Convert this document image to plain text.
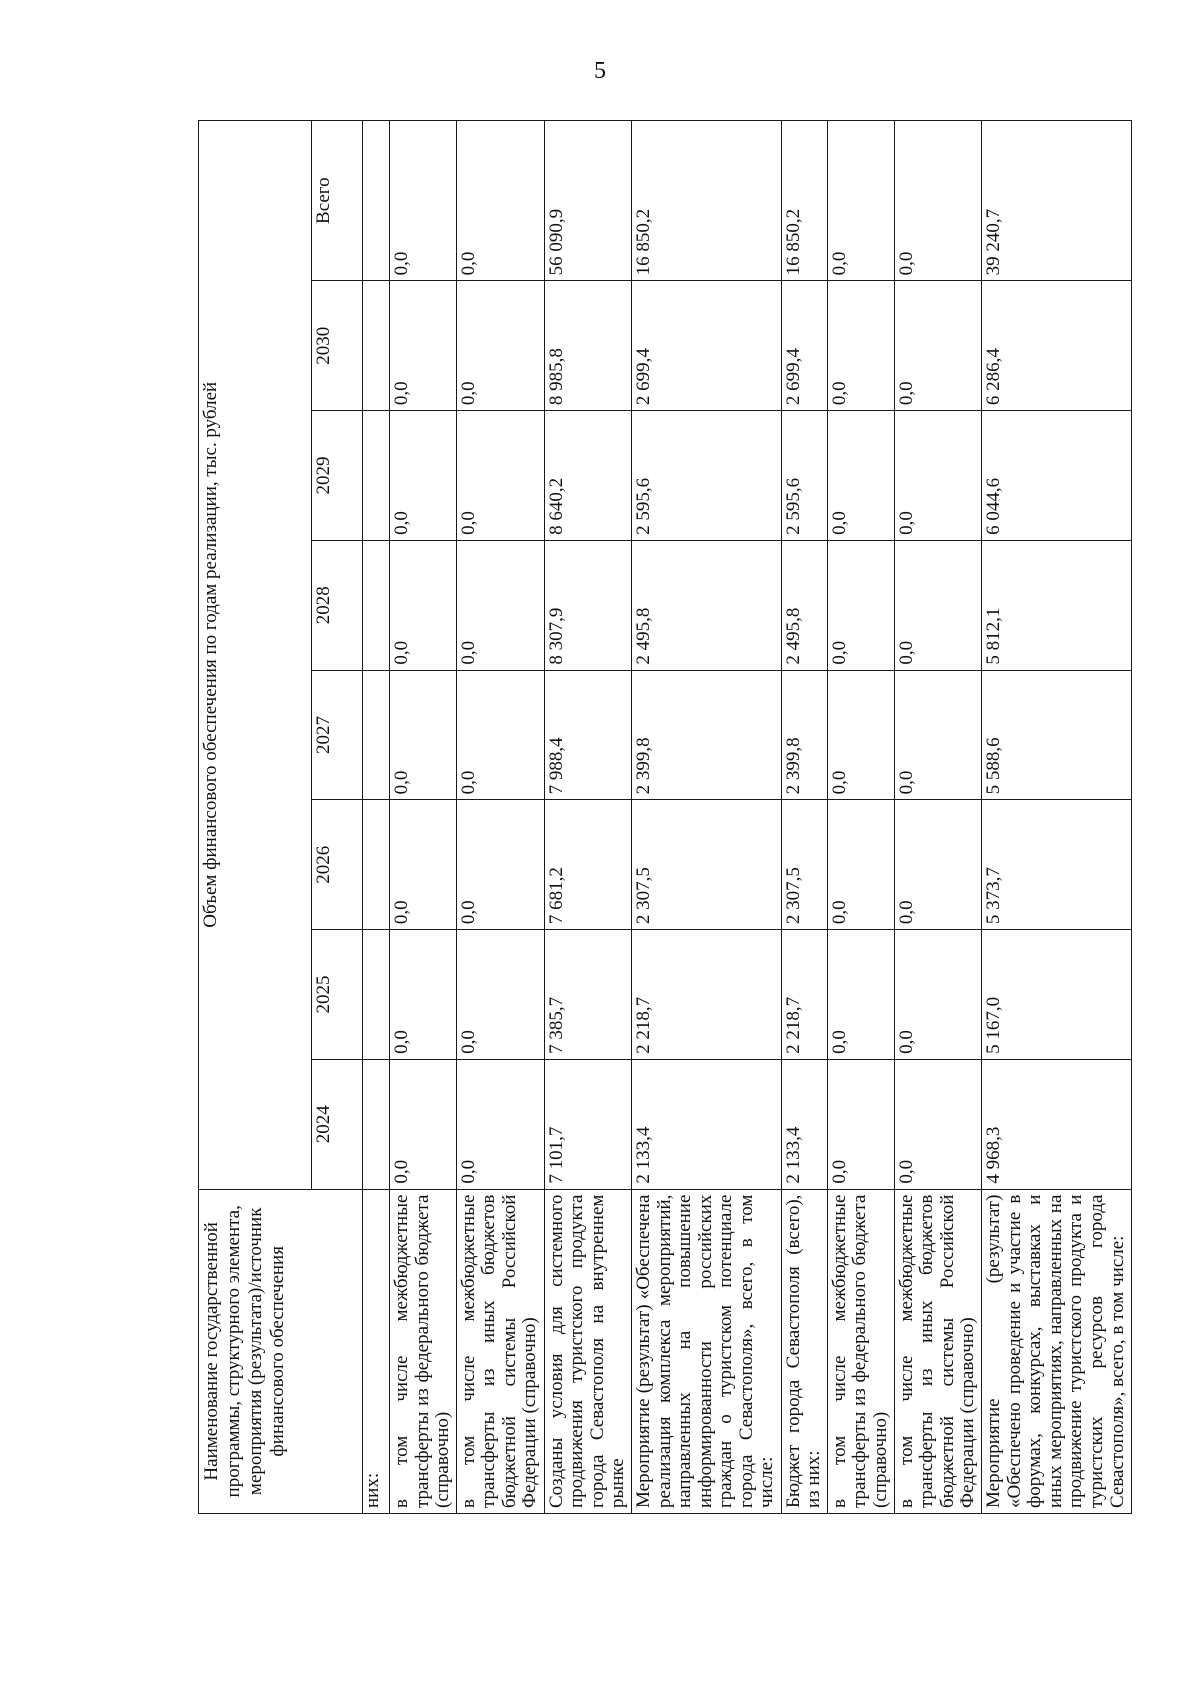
5
Наименование государственной программы, структурного элемента, мероприятия (результата)/источник финансового обеспечения	Объем финансового обеспечения по годам реализации, тыс. рублей							
	2024	2025	2026	2027	2028	2029	2030	Всего
них:								
в том числе межбюджетные трансферты из федерального бюджета (справочно)	0,0	0,0	0,0	0,0	0,0	0,0	0,0	0,0
в том числе межбюджетные трансферты из иных бюджетов бюджетной системы Российской Федерации (справочно)	0,0	0,0	0,0	0,0	0,0	0,0	0,0	0,0
Созданы условия для системного продвижения туристского продукта города Севастополя на внутреннем рынке	7 101,7	7 385,7	7 681,2	7 988,4	8 307,9	8 640,2	8 985,8	56 090,9
Мероприятие (результат) «Обеспечена реализация комплекса мероприятий, направленных на повышение информированности российских граждан о туристском потенциале города Севастополя», всего, в том числе:	2 133,4	2 218,7	2 307,5	2 399,8	2 495,8	2 595,6	2 699,4	16 850,2
Бюджет города Севастополя (всего), из них:	2 133,4	2 218,7	2 307,5	2 399,8	2 495,8	2 595,6	2 699,4	16 850,2
в том числе межбюджетные трансферты из федерального бюджета (справочно)	0,0	0,0	0,0	0,0	0,0	0,0	0,0	0,0
в том числе межбюджетные трансферты из иных бюджетов бюджетной системы Российской Федерации (справочно)	0,0	0,0	0,0	0,0	0,0	0,0	0,0	0,0
Мероприятие (результат) «Обеспечено проведение и участие в форумах, конкурсах, выставках и иных мероприятиях, направленных на продвижение туристского продукта и туристских ресурсов города Севастополя», всего, в том числе:	4 968,3	5 167,0	5 373,7	5 588,6	5 812,1	6 044,6	6 286,4	39 240,7
